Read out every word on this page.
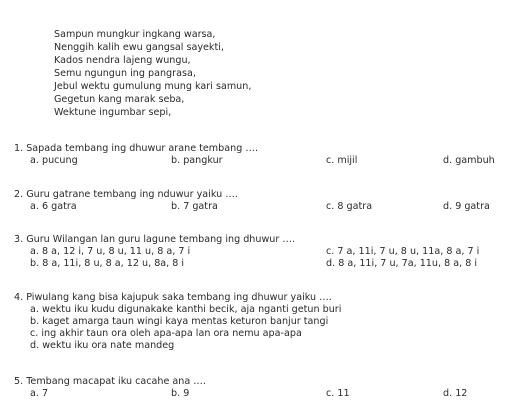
Sampun mungkur ingkang warsa,
Nenggih kalih ewu gangsal sayekti,
Kados nendra lajeng wungu,
Semu ngungun ing pangrasa,
Jebul wektu gumulung mung kari samun,
Gegetun kang marak seba,
Wektune ingumbar sepi,
1. Sapada tembang ing dhuwur arane tembang ….
a. pucung	b. pangkur	c. mijil	d. gambuh
2. Guru gatrane tembang ing nduwur yaiku ….
a. 6 gatra	b. 7 gatra	c. 8 gatra	d. 9 gatra
3. Guru Wilangan lan guru lagune tembang ing dhuwur ….
a. 8 a, 12 i, 7 u, 8 u, 11 u, 8 a, 7 i	c. 7 a, 11i, 7 u, 8 u, 11a, 8 a, 7 i
b. 8 a, 11i, 8 u, 8 a, 12 u, 8a, 8 i	d. 8 a, 11i, 7 u, 7a, 11u, 8 a, 8 i
4. Piwulang kang bisa kajupuk saka tembang ing dhuwur yaiku ….
a. wektu iku kudu digunakake kanthi becik, aja nganti getun buri
b. kaget amarga taun wingi kaya mentas keturon banjur tangi
c. ing akhir taun ora oleh apa-apa lan ora nemu apa-apa
d. wektu iku ora nate mandeg
5. Tembang macapat iku cacahe ana ….
a. 7	b. 9	c. 11	d. 12
